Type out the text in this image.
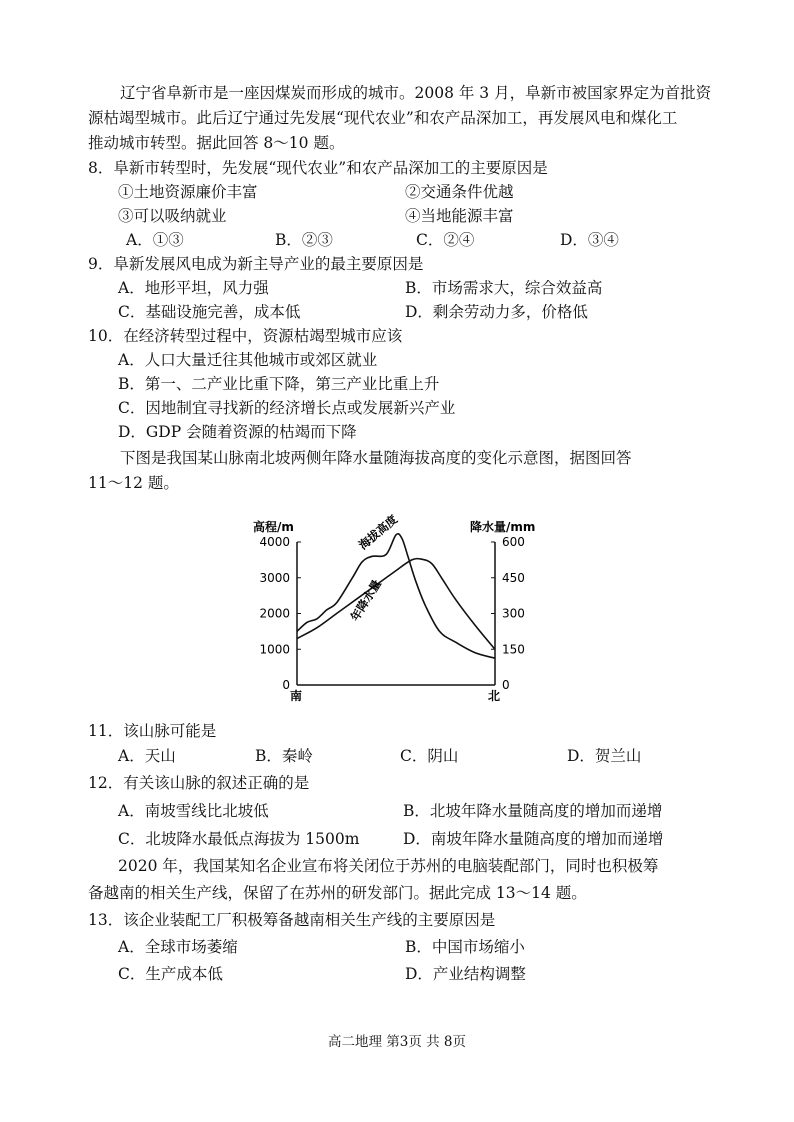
辽宁省阜新市是一座因煤炭而形成的城市。2008 年 3 月，阜新市被国家界定为首批资
源枯竭型城市。此后辽宁通过先发展“现代农业”和农产品深加工，再发展风电和煤化工
推动城市转型。据此回答 8～10 题。
8．阜新市转型时，先发展“现代农业”和农产品深加工的主要原因是
①土地资源廉价丰富	②交通条件优越
③可以吸纳就业	④当地能源丰富
A．①③	B．②③	C．②④	D．③④
9．阜新发展风电成为新主导产业的最主要原因是
A．地形平坦，风力强	B．市场需求大，综合效益高
C．基础设施完善，成本低	D．剩余劳动力多，价格低
10．在经济转型过程中，资源枯竭型城市应该
A．人口大量迁往其他城市或郊区就业
B．第一、二产业比重下降，第三产业比重上升
C．因地制宜寻找新的经济增长点或发展新兴产业
D．GDP 会随着资源的枯竭而下降
下图是我国某山脉南北坡两侧年降水量随海拔高度的变化示意图，据图回答
11～12 题。
高程/m	降水量/mm
4000
3000
2000
1000
0
600
450
300
150
0
南	北
海拔高度
年降水量
11．该山脉可能是
A．天山	B．秦岭	C．阴山	D．贺兰山
12．有关该山脉的叙述正确的是
A．南坡雪线比北坡低	B．北坡年降水量随高度的增加而递增
C．北坡降水最低点海拔为 1500m	D．南坡年降水量随高度的增加而递增
2020 年，我国某知名企业宣布将关闭位于苏州的电脑装配部门，同时也积极筹
备越南的相关生产线，保留了在苏州的研发部门。据此完成 13～14 题。
13．该企业装配工厂积极筹备越南相关生产线的主要原因是
A．全球市场萎缩	B．中国市场缩小
C．生产成本低	D．产业结构调整
高二地理 第3页 共 8页
